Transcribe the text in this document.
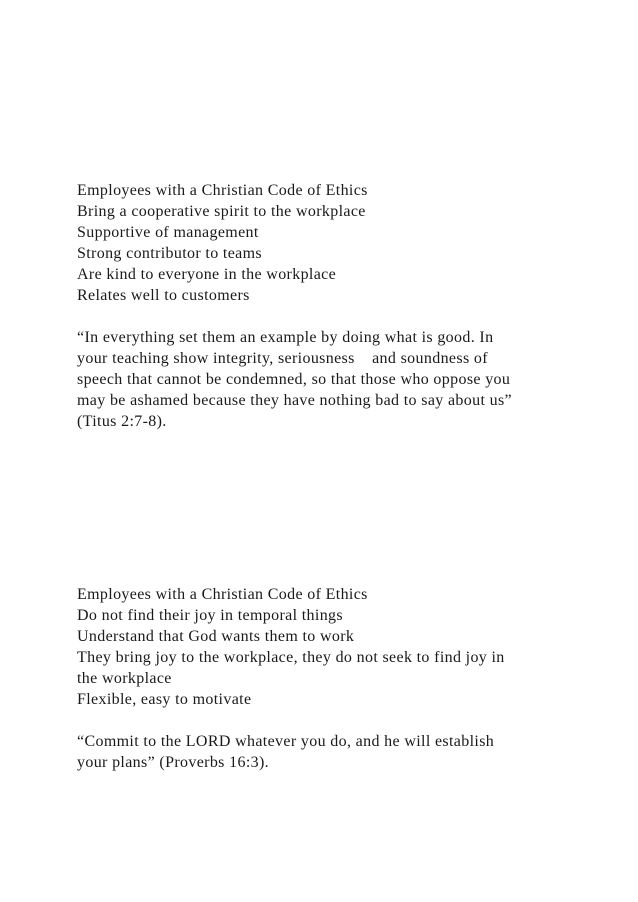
Employees with a Christian Code of Ethics
Bring a cooperative spirit to the workplace
Supportive of management
Strong contributor to teams
Are kind to everyone in the workplace
Relates well to customers
“In everything set them an example by doing what is good. In
your teaching show integrity, seriousness    and soundness of
speech that cannot be condemned, so that those who oppose you
may be ashamed because they have nothing bad to say about us”
(Titus 2:7-8).
Employees with a Christian Code of Ethics
Do not find their joy in temporal things
Understand that God wants them to work
They bring joy to the workplace, they do not seek to find joy in
the workplace
Flexible, easy to motivate
“Commit to the LORD whatever you do, and he will establish
your plans” (Proverbs 16:3).
